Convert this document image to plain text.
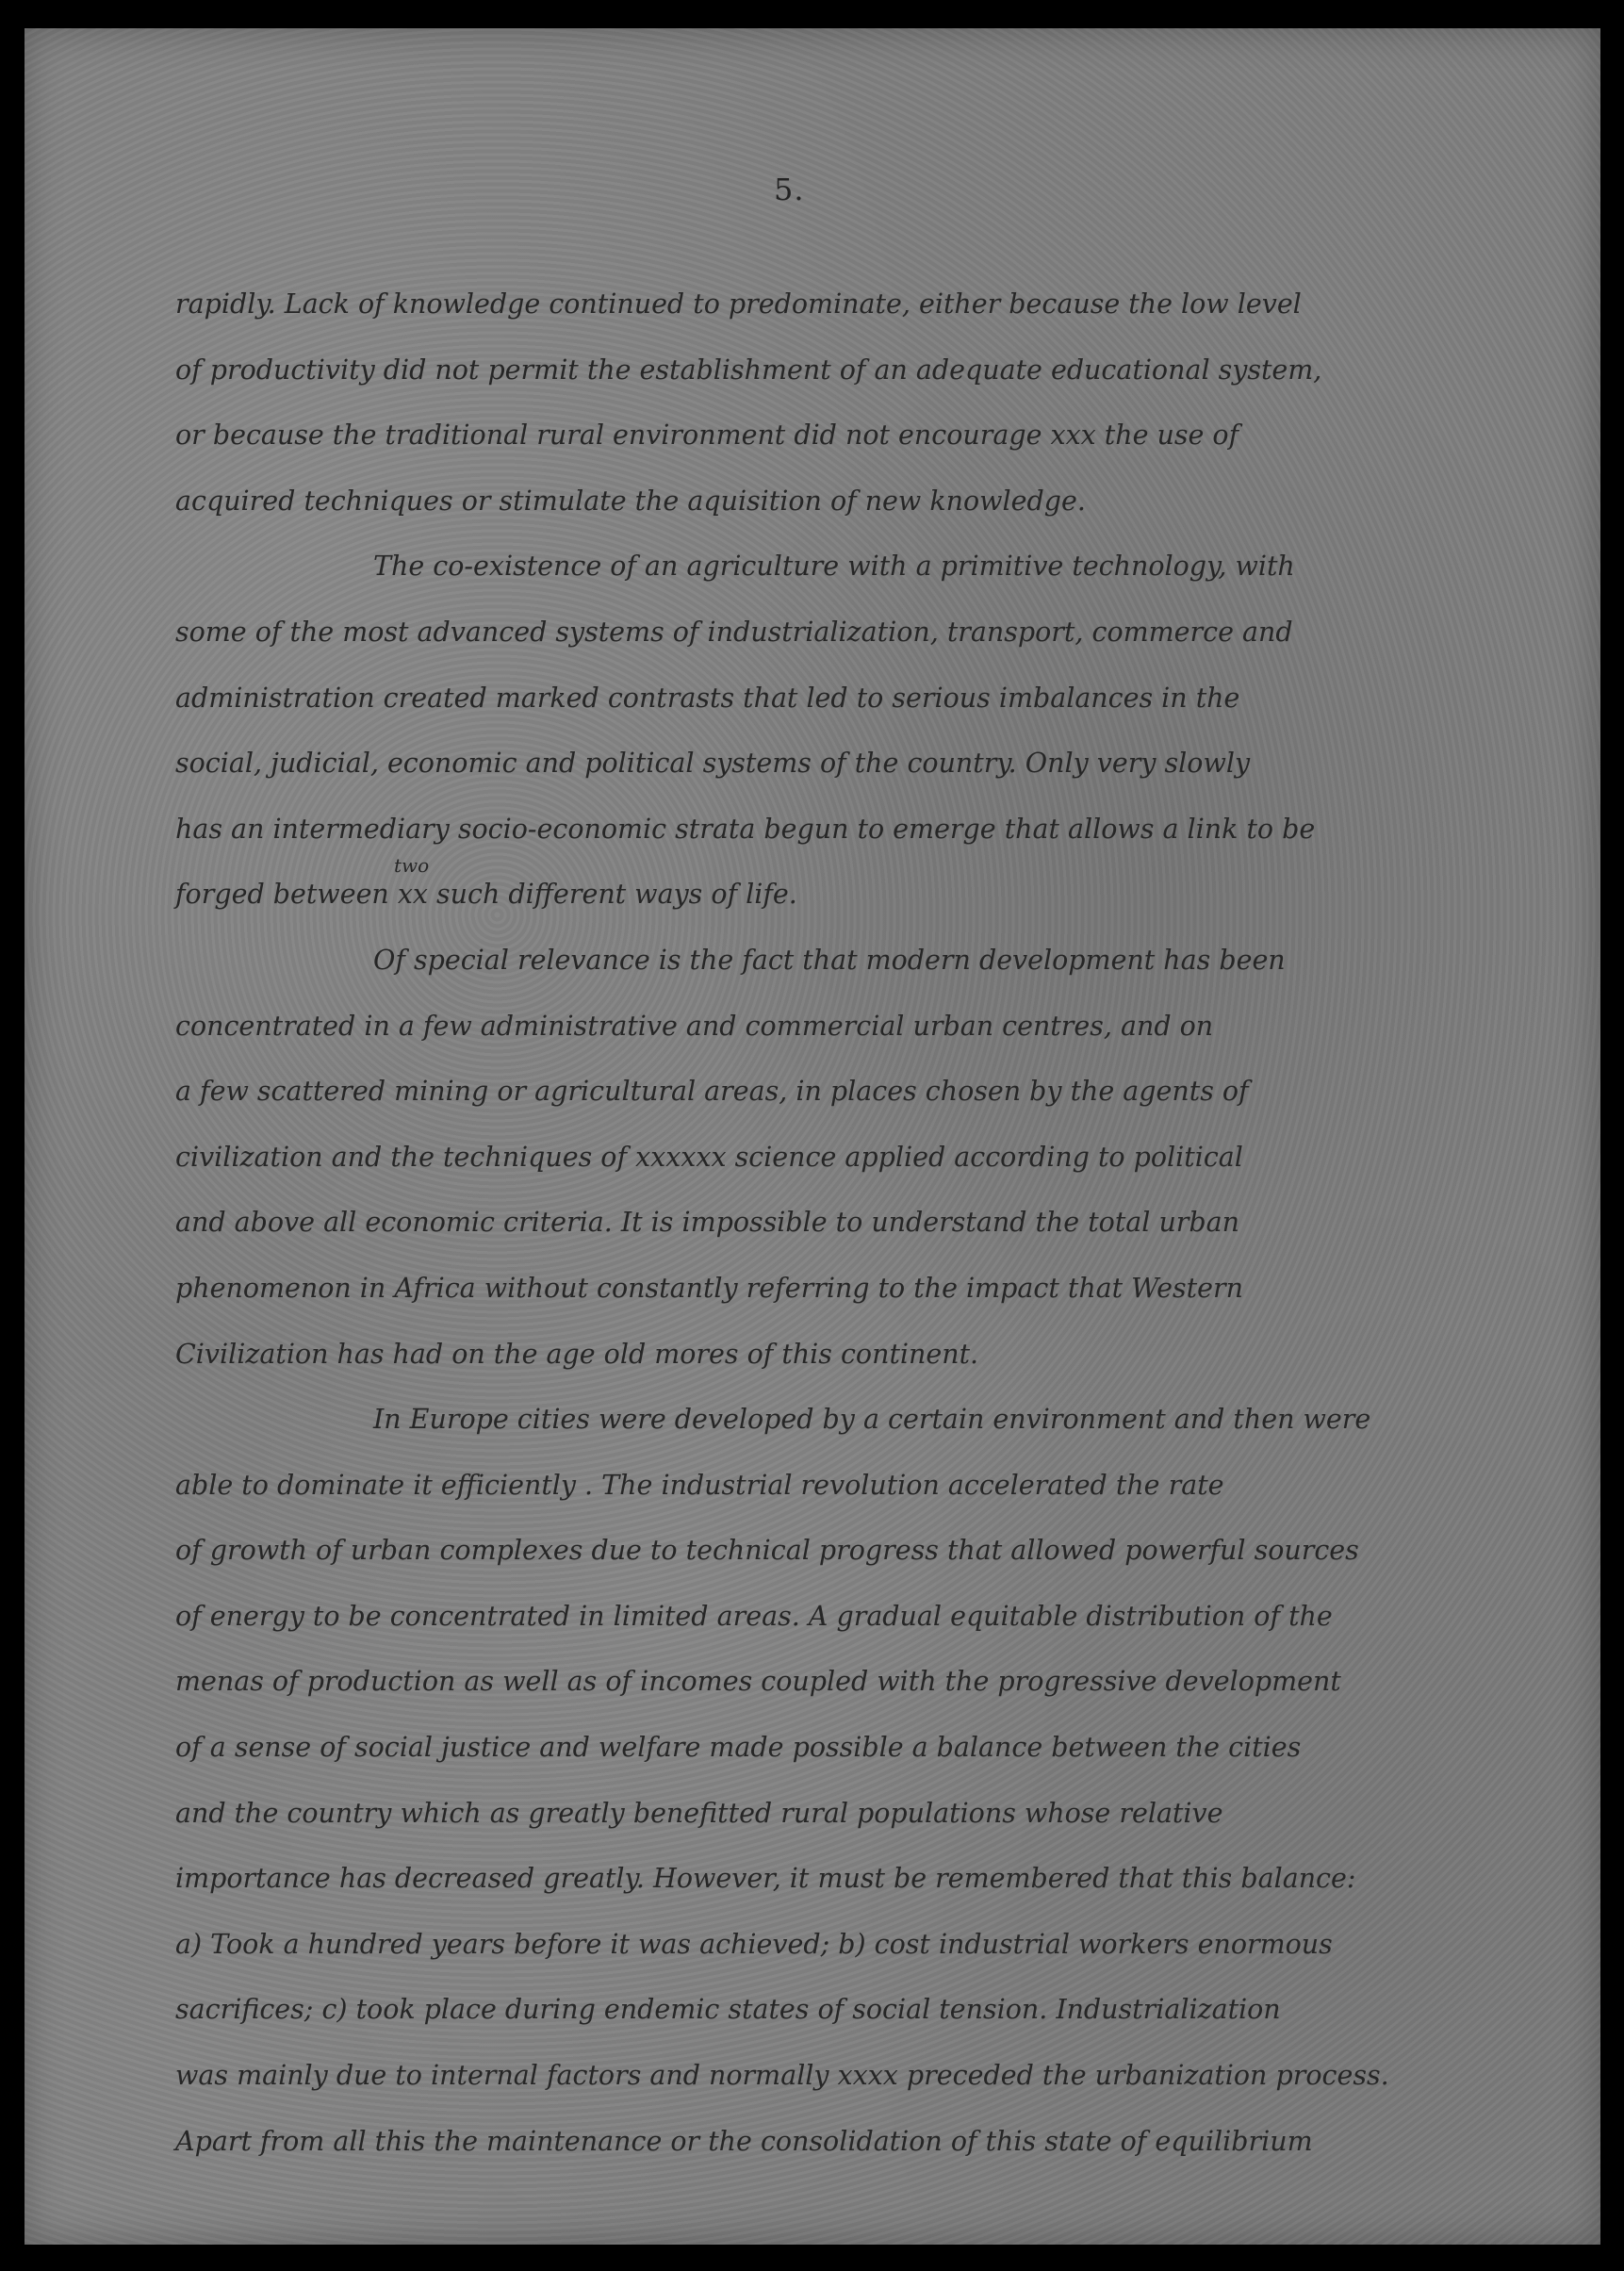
5.
rapidly. Lack of knowledge continued to predominate, either because the low level
of productivity did not permit the establishment of an adequate educational system,
or because the traditional rural environment did not encourage xxx the use of
acquired techniques or stimulate the aquisition of new knowledge.
The co-existence of an agriculture with a primitive technology, with
some of the most advanced systems of industrialization, transport, commerce and
administration created marked contrasts that led to serious imbalances in the
social, judicial, economic and political systems of the country. Only very slowly
has an intermediary socio-economic strata begun to emerge that allows a link to be
two
forged between xx such different ways of life.
Of special relevance is the fact that modern development has been
concentrated in a few administrative and commercial urban centres, and on
a few scattered mining or agricultural areas, in places chosen by the agents of
civilization and the techniques of xxxxxx science applied according to political
and above all economic criteria. It is impossible to understand the total urban
phenomenon in Africa without constantly referring to the impact that Western
Civilization has had on the age old mores of this continent.
In Europe cities were developed by a certain environment and then were
able to dominate it efficiently . The industrial revolution accelerated the rate
of growth of urban complexes due to technical progress that allowed powerful sources
of energy to be concentrated in limited areas. A gradual equitable distribution of the
menas of production as well as of incomes coupled with the progressive development
of a sense of social justice and welfare made possible a balance between the cities
and the country which as greatly benefitted rural populations whose relative
importance has decreased greatly. However, it must be remembered that this balance:
a) Took a hundred years before it was achieved; b) cost industrial workers enormous
sacrifices; c) took place during endemic states of social tension. Industrialization
was mainly due to internal factors and normally xxxx preceded the urbanization process.
Apart from all this the maintenance or the consolidation of this state of equilibrium
